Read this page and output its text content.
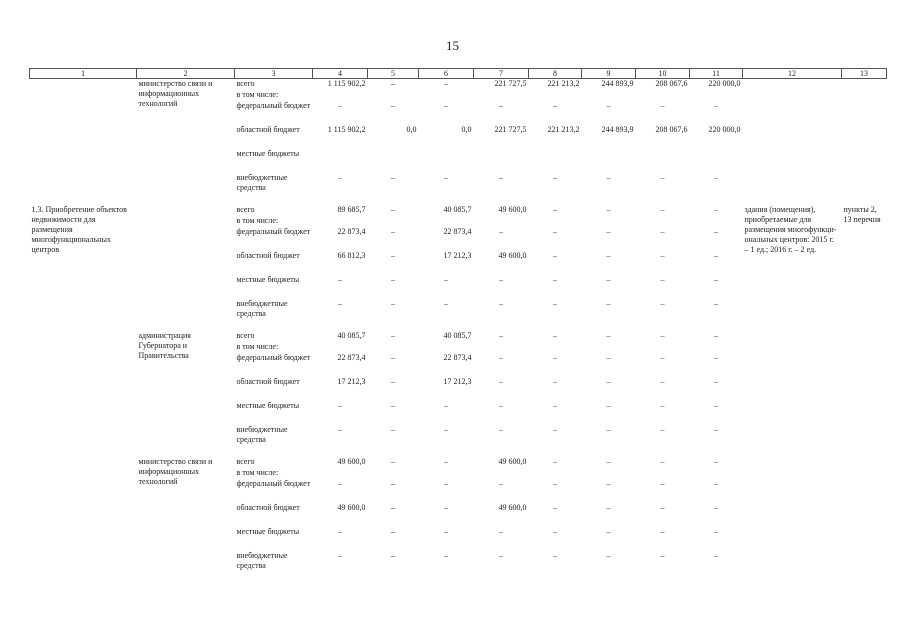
15
1	2	3	4	5	6	7	8	9	10	11	12	13
	министерство связи и информационных технологий	всего	1 115 902,2	–	–	221 727,5	221 213,2	244 893,9	208 067,6	220 000,0		
		в том числе:										
		федеральный бюджет	–	–	–	–	–	–	–	–		
		областной бюджет	1 115 902,2	0,0	0,0	221 727,5	221 213,2	244 893,9	208 067,6	220 000,0		
		местные бюджеты										
		внебюджетные средства	–	–	–	–	–	–	–	–		

1.3. Приобретение объектов недвижимости для размещения многофункциональных центров		всего	89 685,7	–	40 085,7	49 600,0	–	–	–	–	здания (помещения), приобретаемые для размещения многофункци-ональных центров: 2015 г. – 1 ед.; 2016 г. – 2 ед.	пункты 2, 13 перечня
		в том числе:										
		федеральный бюджет	22 873,4	–	22 873,4	–	–	–	–	–		
		областной бюджет	66 812,3	–	17 212,3	49 600,0	–	–	–	–		
		местные бюджеты	–	–	–	–	–	–	–	–		
		внебюджетные средства	–	–	–	–	–	–	–	–		

	администрация Губернатора и Правительства	всего	40 085,7	–	40 085,7	–	–	–	–	–		
		в том числе:										
		федеральный бюджет	22 873,4	–	22 873,4	–	–	–	–	–		
		областной бюджет	17 212,3	–	17 212,3	–	–	–	–	–		
		местные бюджеты	–	–	–	–	–	–	–	–		
		внебюджетные средства	–	–	–	–	–	–	–	–		

	министерство связи и информационных технологий	всего	49 600,0	–	–	49 600,0	–	–	–	–		
		в том числе:										
		федеральный бюджет	–	–	–	–	–	–	–	–		
		областной бюджет	49 600,0	–	–	49 600,0	–	–	–	–		
		местные бюджеты	–	–	–	–	–	–	–	–		
		внебюджетные средства	–	–	–	–	–	–	–	–		
